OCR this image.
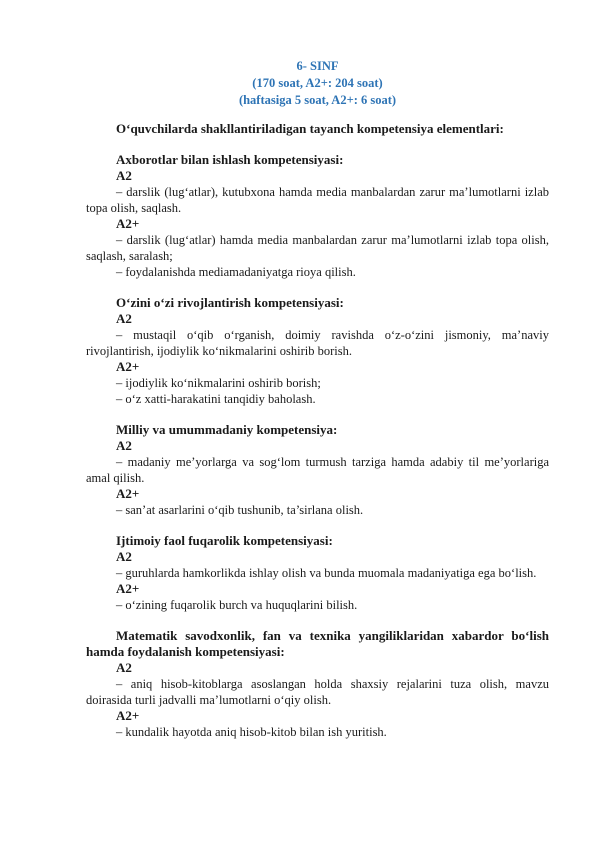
6- SINF
(170 soat, A2+: 204 soat)
(haftasiga 5 soat, A2+: 6 soat)
O‘quvchilarda shakllantiriladigan tayanch kompetensiya elementlari:
Axborotlar bilan ishlash kompetensiyasi:
A2
– darslik (lug‘atlar), kutubxona hamda media manbalardan zarur ma’lumotlarni izlab topa olish, saqlash.
A2+
– darslik (lug‘atlar) hamda media manbalardan zarur ma’lumotlarni izlab topa olish, saqlash, saralash;
– foydalanishda mediamadaniyatga rioya qilish.
O‘zini o‘zi rivojlantirish kompetensiyasi:
A2
– mustaqil o‘qib o‘rganish, doimiy ravishda o‘z-o‘zini jismoniy, ma’naviy rivojlantirish, ijodiylik ko‘nikmalarini oshirib borish.
A2+
– ijodiylik ko‘nikmalarini oshirib borish;
– o‘z xatti-harakatini tanqidiy baholash.
Milliy va umummadaniy kompetensiya:
A2
– madaniy me’yorlarga va sog‘lom turmush tarziga hamda adabiy til me’yorlariga amal qilish.
A2+
– san’at asarlarini o‘qib tushunib, ta’sirlana olish.
Ijtimoiy faol fuqarolik kompetensiyasi:
A2
– guruhlarda hamkorlikda ishlay olish va bunda muomala madaniyatiga ega bo‘lish.
A2+
– o‘zining fuqarolik burch va huquqlarini bilish.
Matematik savodxonlik, fan va texnika yangiliklaridan xabardor bo‘lish hamda foydalanish kompetensiyasi:
A2
– aniq hisob-kitoblarga asoslangan holda shaxsiy rejalarini tuza olish, mavzu doirasida turli jadvalli ma’lumotlarni o‘qiy olish.
A2+
– kundalik hayotda aniq hisob-kitob bilan ish yuritish.
